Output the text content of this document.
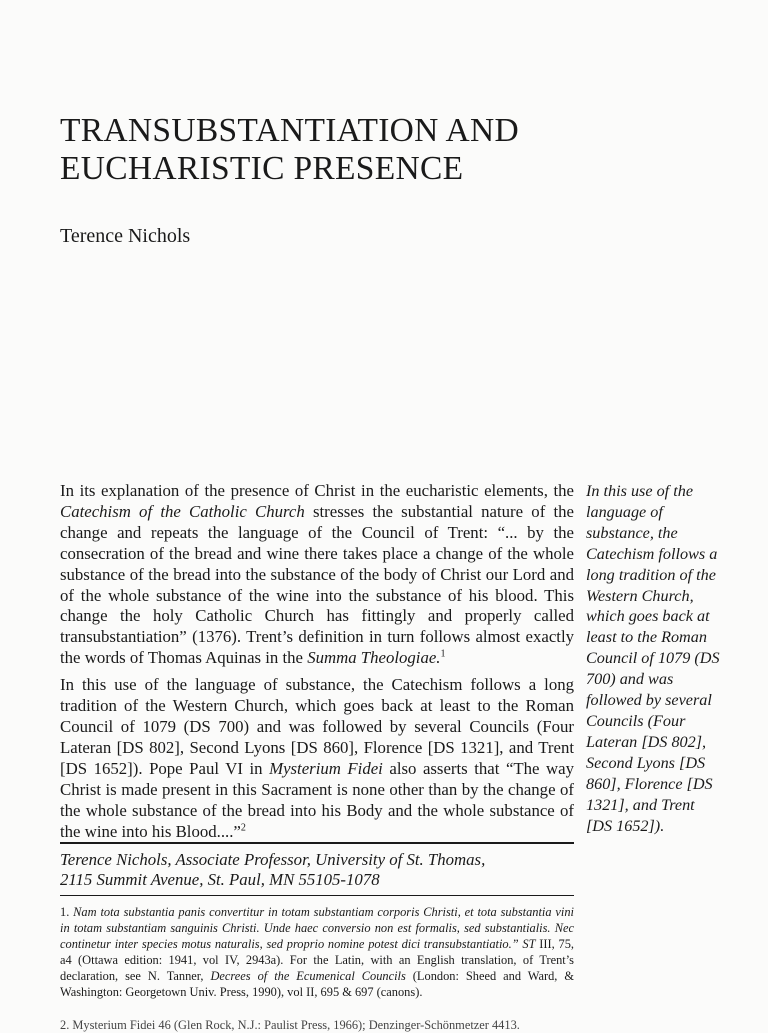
TRANSUBSTANTIATION AND
EUCHARISTIC PRESENCE

Terence Nichols

In its explanation of the presence of Christ in the eucharistic elements, the Catechism of the Catholic Church stresses the substantial nature of the change and repeats the language of the Council of Trent: “... by the consecration of the bread and wine there takes place a change of the whole substance of the bread into the substance of the body of Christ our Lord and of the whole substance of the wine into the substance of his blood. This change the holy Catholic Church has fittingly and properly called transubstantiation” (1376). Trent’s definition in turn follows almost exactly the words of Thomas Aquinas in the Summa Theologiae.$^1$

In this use of the language of substance, the Catechism follows a long tradition of the Western Church, which goes back at least to the Roman Council of 1079 (DS 700) and was followed by several Councils (Four Lateran [DS 802], Second Lyons [DS 860], Florence [DS 1321], and Trent [DS 1652]). Pope Paul VI in Mysterium Fidei also asserts that “The way Christ is made present in this Sacrament is none other than by the change of the whole substance of the bread into his Body and the whole substance of the wine into his Blood....”$^2$

In this use of the language of substance, the Catechism follows a long tradition of the Western Church, which goes back at least to the Roman Council of 1079 (DS 700) and was followed by several Councils (Four Lateran [DS 802], Second Lyons [DS 860], Florence [DS 1321], and Trent [DS 1652]).

Terence Nichols, Associate Professor, University of St. Thomas,
2115 Summit Avenue, St. Paul, MN 55105-1078

1. Nam tota substantia panis convertitur in totam substantiam corporis Christi, et tota substantia vini in totam substantiam sanguinis Christi. Unde haec conversio non est formalis, sed substantialis. Nec continetur inter species motus naturalis, sed proprio nomine potest dici transubstantiatio.” ST III, 75, a4 (Ottawa edition: 1941, vol IV, 2943a). For the Latin, with an English translation, of Trent’s declaration, see N. Tanner, Decrees of the Ecumenical Councils (London: Sheed and Ward, & Washington: Georgetown Univ. Press, 1990), vol II, 695 & 697 (canons).

2. Mysterium Fidei 46 (Glen Rock, N.J.: Paulist Press, 1966); Denzinger-Schönmetzer 4413.
